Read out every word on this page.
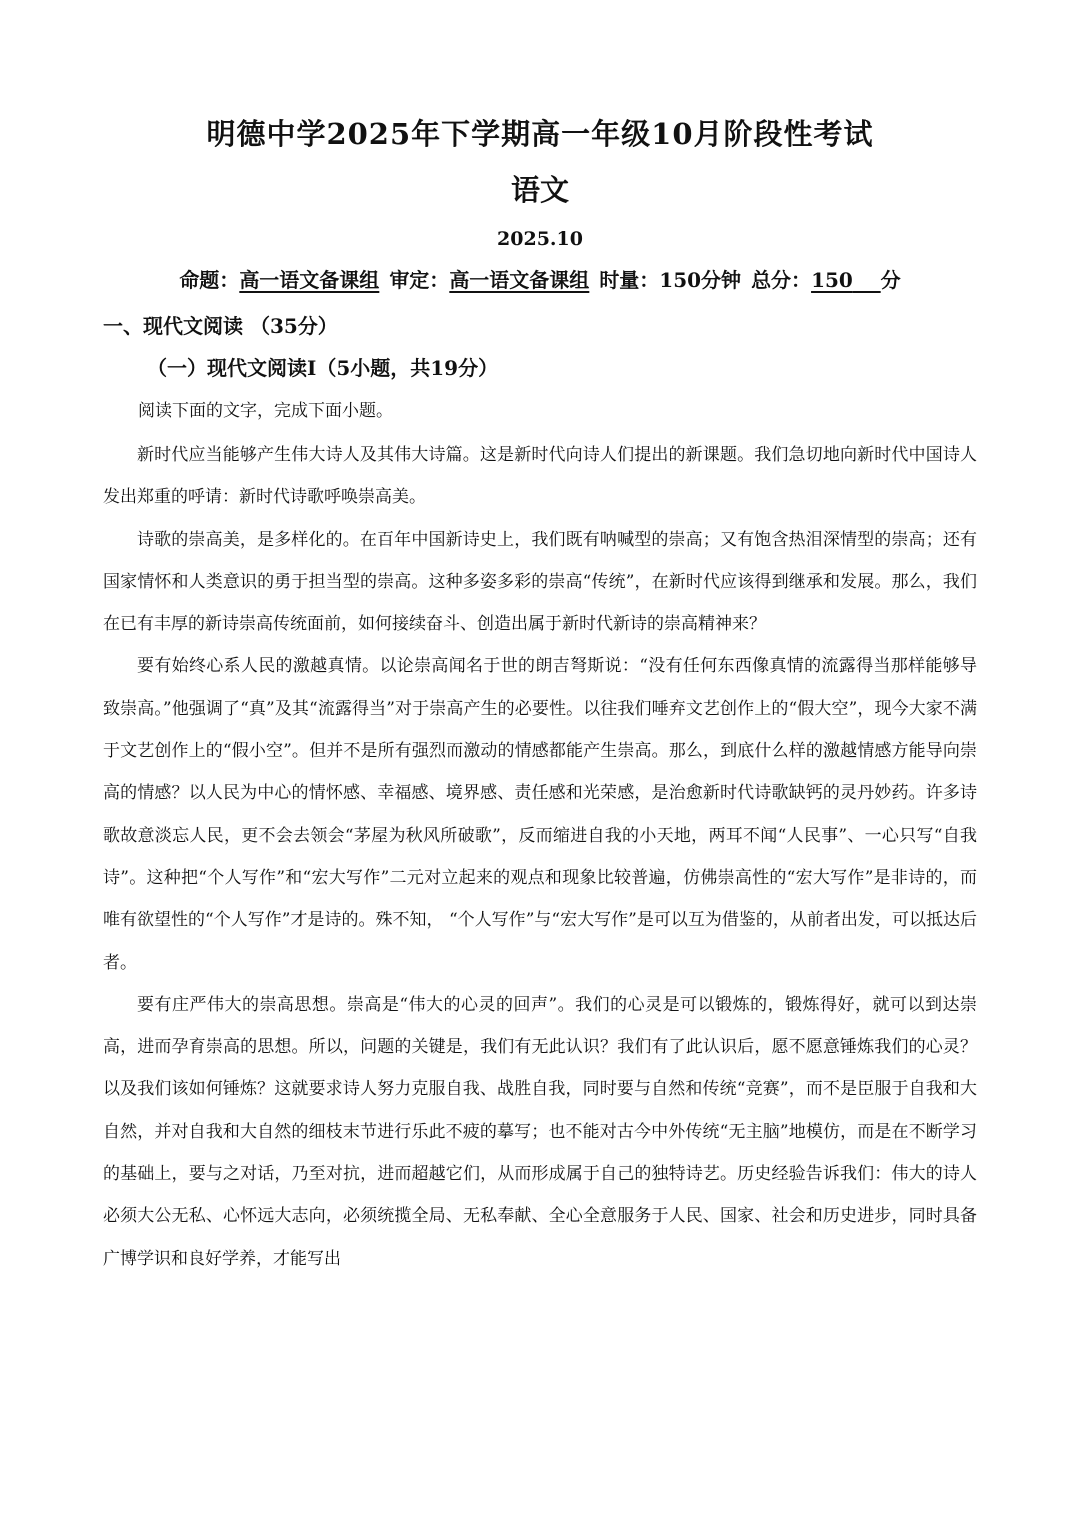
明德中学2025年下学期高一年级10月阶段性考试
语文
2025.10
命题：高一语文备课组 审定：高一语文备课组 时量：150分钟 总分：150 分
一、现代文阅读 （35分）
（一）现代文阅读Ⅰ（5小题，共19分）
阅读下面的文字，完成下面小题。

新时代应当能够产生伟大诗人及其伟大诗篇。这是新时代向诗人们提出的新课题。我们急切地向新时代中国诗人发出郑重的呼请：新时代诗歌呼唤崇高美。

诗歌的崇高美，是多样化的。在百年中国新诗史上，我们既有呐喊型的崇高；又有饱含热泪深情型的崇高；还有国家情怀和人类意识的勇于担当型的崇高。这种多姿多彩的崇高“传统”，在新时代应该得到继承和发展。那么，我们在已有丰厚的新诗崇高传统面前，如何接续奋斗、创造出属于新时代新诗的崇高精神来？

要有始终心系人民的激越真情。以论崇高闻名于世的朗吉弩斯说：“没有任何东西像真情的流露得当那样能够导致崇高。”他强调了“真”及其“流露得当”对于崇高产生的必要性。以往我们唾弃文艺创作上的“假大空”，现今大家不满于文艺创作上的“假小空”。但并不是所有强烈而激动的情感都能产生崇高。那么，到底什么样的激越情感方能导向崇高的情感？以人民为中心的情怀感、幸福感、境界感、责任感和光荣感，是治愈新时代诗歌缺钙的灵丹妙药。许多诗歌故意淡忘人民，更不会去领会“茅屋为秋风所破歌”，反而缩进自我的小天地，两耳不闻“人民事”、一心只写“自我诗”。这种把“个人写作”和“宏大写作”二元对立起来的观点和现象比较普遍，仿佛崇高性的“宏大写作”是非诗的，而唯有欲望性的“个人写作”才是诗的。殊不知， “个人写作”与“宏大写作”是可以互为借鉴的，从前者出发，可以抵达后者。

要有庄严伟大的崇高思想。崇高是“伟大的心灵的回声”。我们的心灵是可以锻炼的，锻炼得好，就可以到达崇高，进而孕育崇高的思想。所以，问题的关键是，我们有无此认识？我们有了此认识后，愿不愿意锤炼我们的心灵？以及我们该如何锤炼？这就要求诗人努力克服自我、战胜自我，同时要与自然和传统“竞赛”，而不是臣服于自我和大自然，并对自我和大自然的细枝末节进行乐此不疲的摹写；也不能对古今中外传统“无主脑”地模仿，而是在不断学习的基础上，要与之对话，乃至对抗，进而超越它们，从而形成属于自己的独特诗艺。历史经验告诉我们：伟大的诗人必须大公无私、心怀远大志向，必须统揽全局、无私奉献、全心全意服务于人民、国家、社会和历史进步，同时具备广博学识和良好学养，才能写出
